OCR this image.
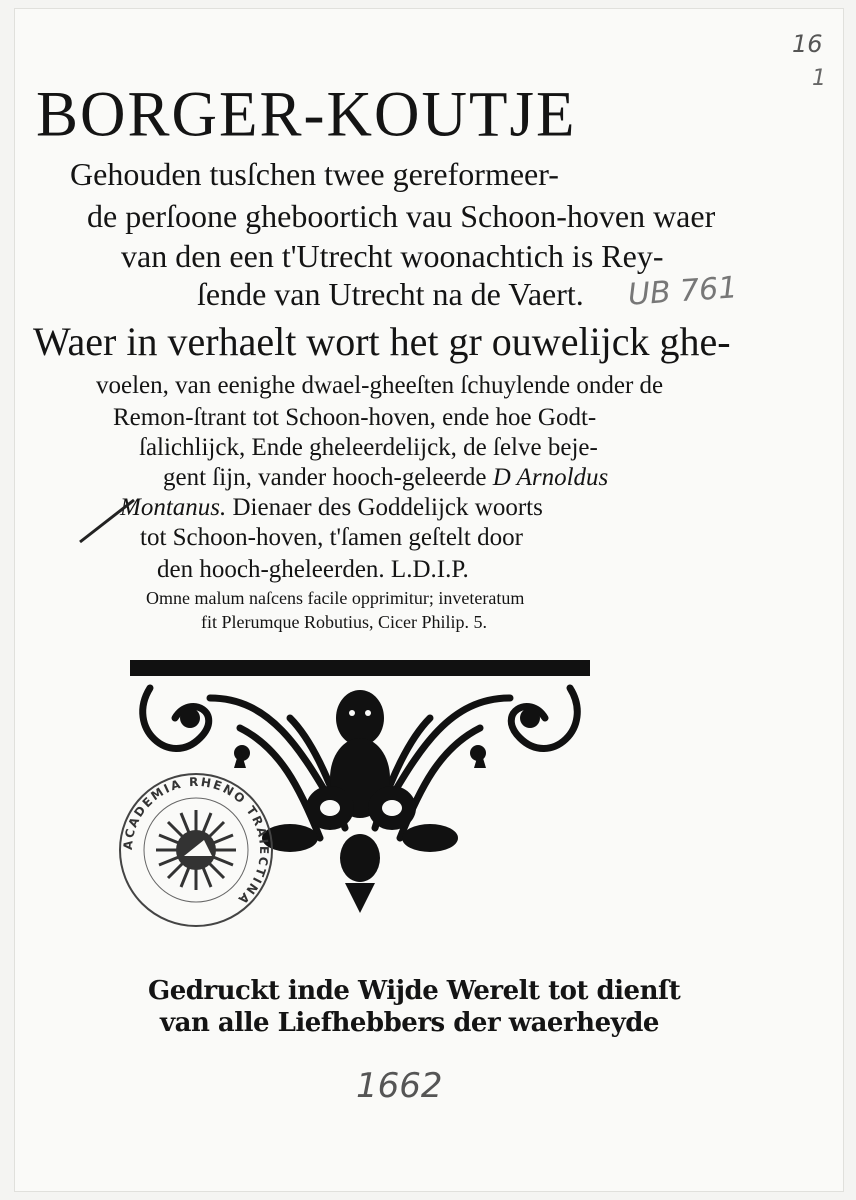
BORGER-KOUTJE
Gehouden tusſchen twee gereformeer-
de perſoone gheboortich vau Schoon-hoven waer
van den een t'Utrecht woonachtich is Rey-
ſende van Utrecht na de Vaert.
Waer in verhaelt wort het gr ouwelijck ghe-
voelen, van eenighe dwael-gheeſten ſchuylende onder de
Remon-ſtrant tot Schoon-hoven, ende hoe Godt-
ſalichlijck, Ende gheleerdelijck, de ſelve beje-
gent ſijn, vander hooch-geleerde D Arnoldus
Montanus. Dienaer des Goddelijck woorts
tot Schoon-hoven, t'ſamen geſtelt door
den hooch-gheleerden. L.D.I.P.
Omne malum naſcens facile opprimitur; inveteratum
fit Plerumque Robutius, Cicer Philip. 5.
ACADEMIA RHENO TRAIECTINA
Gedruckt inde Wijde Werelt tot dienſt
van alle Liefhebbers der waerheyde
1662
UB 761
16
1
